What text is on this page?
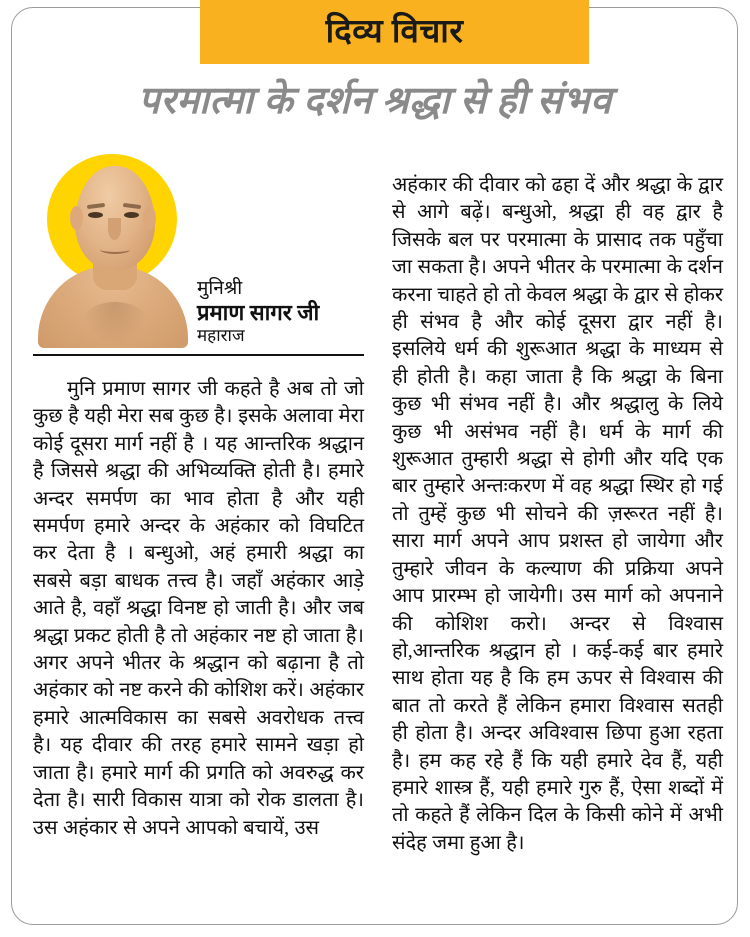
दिव्य विचार
परमात्मा के दर्शन श्रद्धा से ही संभव
मुनिश्री
प्रमाण सागर जी
महाराज

मुनि प्रमाण सागर जी कहते है अब तो जो कुछ है यही मेरा सब कुछ है। इसके अलावा मेरा कोई दूसरा मार्ग नहीं है । यह आन्तरिक श्रद्धान है जिससे श्रद्धा की अभिव्यक्ति होती है। हमारे अन्दर समर्पण का भाव होता है और यही समर्पण हमारे अन्दर के अहंकार को विघटित कर देता है । बन्धुओ, अहं हमारी श्रद्धा का सबसे बड़ा बाधक तत्त्व है। जहाँ अहंकार आड़े आते है, वहाँ श्रद्धा विनष्ट हो जाती है। और जब श्रद्धा प्रकट होती है तो अहंकार नष्ट हो जाता है। अगर अपने भीतर के श्रद्धान को बढ़ाना है तो अहंकार को नष्ट करने की कोशिश करें। अहंकार हमारे आत्मविकास का सबसे अवरोधक तत्त्व है। यह दीवार की तरह हमारे सामने खड़ा हो जाता है। हमारे मार्ग की प्रगति को अवरुद्ध कर देता है। सारी विकास यात्रा को रोक डालता है। उस अहंकार से अपने आपको बचायें, उस

अहंकार की दीवार को ढहा दें और श्रद्धा के द्वार से आगे बढ़ें। बन्धुओ, श्रद्धा ही वह द्वार है जिसके बल पर परमात्मा के प्रासाद तक पहुँचा जा सकता है। अपने भीतर के परमात्मा के दर्शन करना चाहते हो तो केवल श्रद्धा के द्वार से होकर ही संभव है और कोई दूसरा द्वार नहीं है। इसलिये धर्म की शुरूआत श्रद्धा के माध्यम से ही होती है। कहा जाता है कि श्रद्धा के बिना कुछ भी संभव नहीं है। और श्रद्धालु के लिये कुछ भी असंभव नहीं है। धर्म के मार्ग की शुरूआत तुम्हारी श्रद्धा से होगी और यदि एक बार तुम्हारे अन्तःकरण में वह श्रद्धा स्थिर हो गई तो तुम्हें कुछ भी सोचने की ज़रूरत नहीं है। सारा मार्ग अपने आप प्रशस्त हो जायेगा और तुम्हारे जीवन के कल्याण की प्रक्रिया अपने आप प्रारम्भ हो जायेगी। उस मार्ग को अपनाने की कोशिश करो। अन्दर से विश्वास हो,आन्तरिक श्रद्धान हो । कई-कई बार हमारे साथ होता यह है कि हम ऊपर से विश्वास की बात तो करते हैं लेकिन हमारा विश्वास सतही ही होता है। अन्दर अविश्वास छिपा हुआ रहता है। हम कह रहे हैं कि यही हमारे देव हैं, यही हमारे शास्त्र हैं, यही हमारे गुरु हैं, ऐसा शब्दों में तो कहते हैं लेकिन दिल के किसी कोने में अभी संदेह जमा हुआ है।
